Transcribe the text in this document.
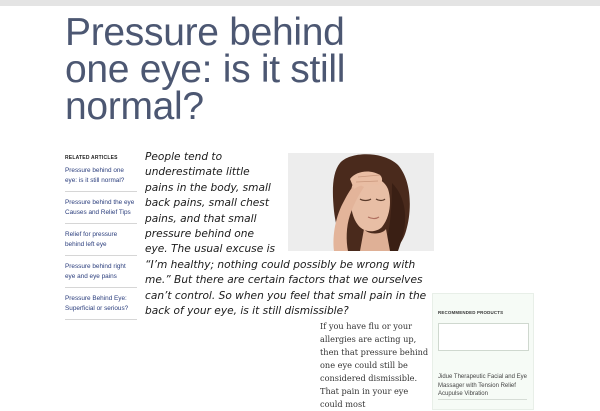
Pressure behind one eye: is it still normal?
RELATED ARTICLES
Pressure behind one eye: is it still normal?
Pressure behind the eye Causes and Relief Tips
Relief for pressure behind left eye
Pressure behind right eye and eye pains
Pressure Behind Eye: Superficial or serious?

People tend to underestimate little pains in the body, small back pains, small chest pains, and that small pressure behind one eye. The usual excuse is “I’m healthy; nothing could possibly be wrong with me.” But there are certain factors that we ourselves can’t control. So when you feel that small pain in the back of your eye, is it still dismissible?

If you have flu or your allergies are acting up, then that pressure behind one eye could still be considered dismissible. That pain in your eye could most

RECOMMENDED PRODUCTS
Jidue Therapeutic Facial and Eye Massager with Tension Relief Acupulse Vibration
